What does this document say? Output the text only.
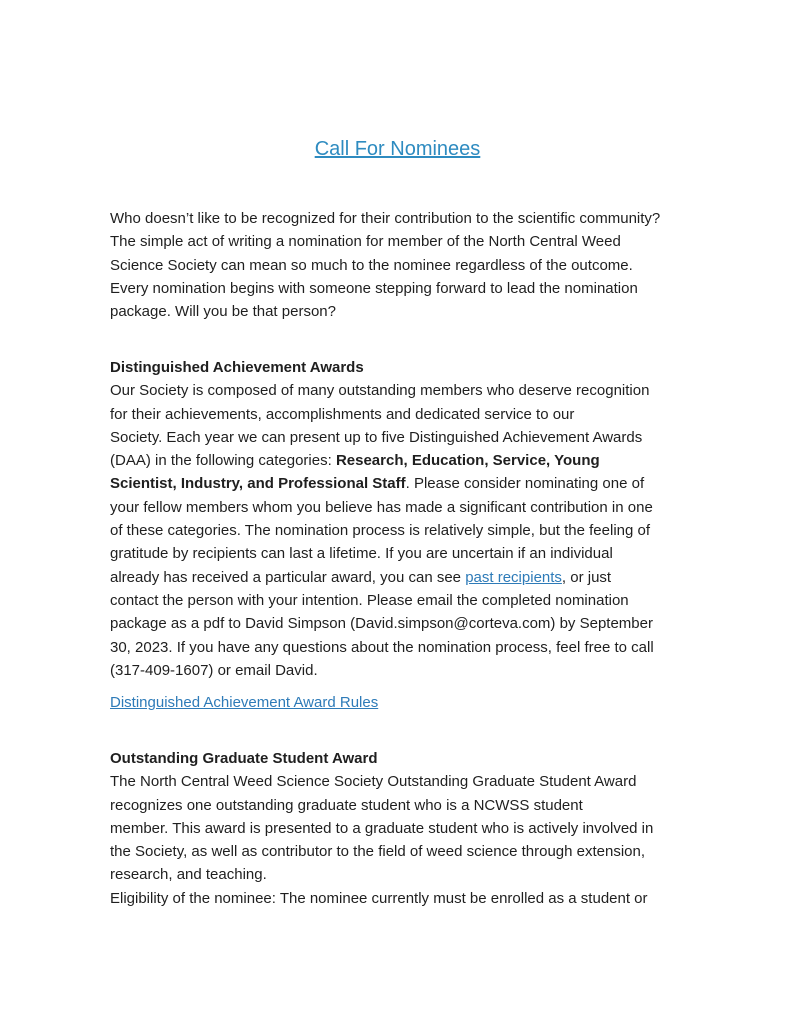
Call For Nominees
Who doesn’t like to be recognized for their contribution to the scientific community?
The simple act of writing a nomination for member of the North Central Weed
Science Society can mean so much to the nominee regardless of the outcome.
Every nomination begins with someone stepping forward to lead the nomination
package. Will you be that person?
Distinguished Achievement Awards
Our Society is composed of many outstanding members who deserve recognition
for their achievements, accomplishments and dedicated service to our
Society. Each year we can present up to five Distinguished Achievement Awards
(DAA) in the following categories: Research, Education, Service, Young
Scientist, Industry, and Professional Staff. Please consider nominating one of
your fellow members whom you believe has made a significant contribution in one
of these categories. The nomination process is relatively simple, but the feeling of
gratitude by recipients can last a lifetime. If you are uncertain if an individual
already has received a particular award, you can see past recipients, or just
contact the person with your intention. Please email the completed nomination
package as a pdf to David Simpson (David.simpson@corteva.com) by September
30, 2023. If you have any questions about the nomination process, feel free to call
(317-409-1607) or email David.
Distinguished Achievement Award Rules
Outstanding Graduate Student Award
The North Central Weed Science Society Outstanding Graduate Student Award
recognizes one outstanding graduate student who is a NCWSS student
member. This award is presented to a graduate student who is actively involved in
the Society, as well as contributor to the field of weed science through extension,
research, and teaching.
Eligibility of the nominee: The nominee currently must be enrolled as a student or
